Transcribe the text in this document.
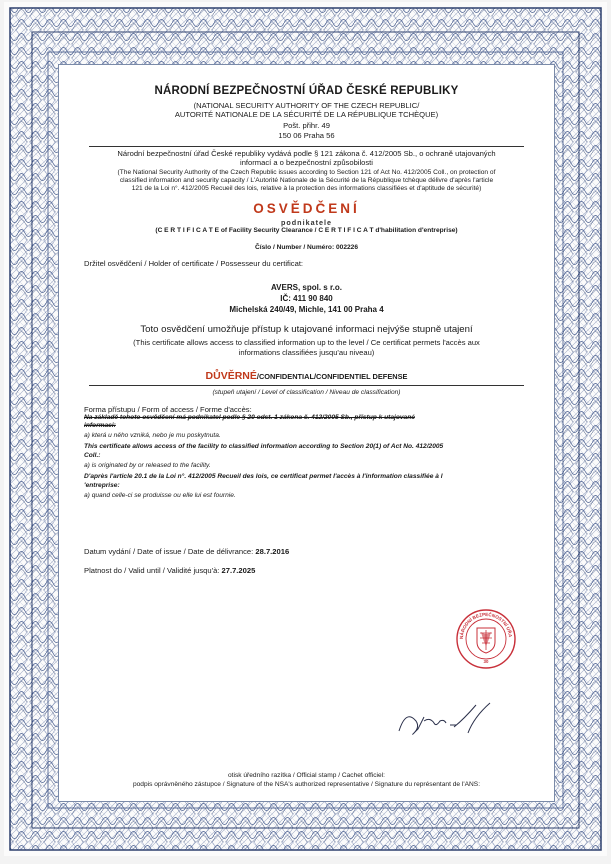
NÁRODNÍ BEZPEČNOSTNÍ ÚŘAD ČESKÉ REPUBLIKY
(NATIONAL SECURITY AUTHORITY OF THE CZECH REPUBLIC/
AUTORITÉ NATIONALE DE LA SÉCURITÉ DE LA RÉPUBLIQUE TCHÈQUE)
Pošt. přihr. 49
150 06 Praha 56
Národní bezpečnostní úřad České republiky vydává podle § 121 zákona č. 412/2005 Sb., o ochraně utajovaných
informací a o bezpečnostní způsobilosti
(The National Security Authority of the Czech Republic issues according to Section 121 of Act No. 412/2005 Coll., on protection of
classified information and security capacity / L'Autorité Nationale de la Sécurité de la République tchèque délivre d'après l'article
121 de la Loi n°. 412/2005 Recueil des lois, relative à la protection des informations classifiées et d'aptitude de sécurité)
OSVĚDČENÍ
podnikatele
(C E R T I F I C A T E of Facility Security Clearance / C E R T I F I C A T d'habilitation d'entreprise)
Číslo / Number / Numéro: 002226
Držitel osvědčení / Holder of certificate / Possesseur du certificat:
AVERS, spol. s r.o.
IČ: 411 90 840
Michelská 240/49, Michle, 141 00 Praha 4
Toto osvědčení umožňuje přístup k utajované informaci nejvýše stupně utajení
(This certificate allows access to classified information up to the level / Ce certificat permets l'accès aux
informations classifiées jusqu'au niveau)
DŮVĚRNÉ/CONFIDENTIAL/CONFIDENTIEL DEFENSE
(stupeň utajení / Level of classification / Niveau de classification)
Forma přístupu / Form of access / Forme d'accès:
Na základě tohoto osvědčení má podnikatel podle § 20 odst. 1 zákona č. 412/2005 Sb., přístup k utajované
informaci:
a) která u něho vzniká, nebo je mu poskytnuta.
This certificate allows access of the facility to classified information according to Section 20(1) of Act No. 412/2005
Coll.:
a) is originated by or released to the facility.
D'après l'article 20.1 de la Loi n°. 412/2005 Recueil des lois, ce certificat permet l'accès à l'information classifiée à l
'entreprise:
a) quand celle-ci se produisse ou elle lui est fournie.
Datum vydání / Date of issue / Date de délivrance: 28.7.2016
Platnost do / Valid until / Validité jusqu'à: 27.7.2025
NÁRODNÍ BEZPEČNOSTNÍ ÚŘA
30
otisk úředního razítka / Official stamp / Cachet officiel:
podpis oprávněného zástupce / Signature of the NSA's authorized representative / Signature du représentant de l'ANS:
